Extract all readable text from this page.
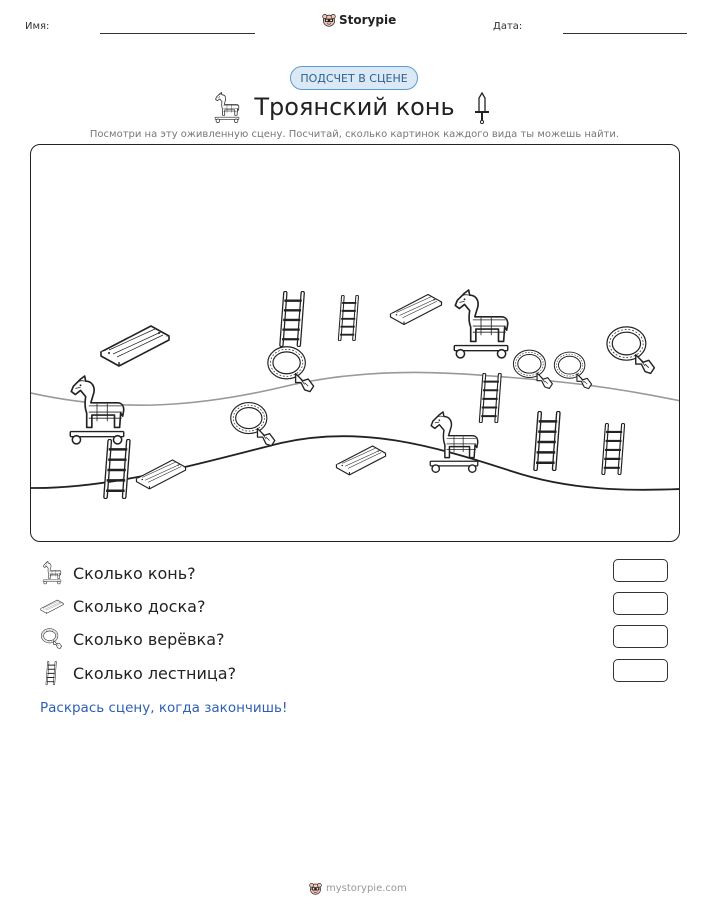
Имя:	Storypie	Дата:
ПОДСЧЕТ В СЦЕНЕ
Троянский конь
Посмотри на эту оживленную сцену. Посчитай, сколько картинок каждого вида ты можешь найти.
Сколько конь?
Сколько доска?
Сколько верёвка?
Сколько лестница?
Раскрась сцену, когда закончишь!
mystorypie.com
